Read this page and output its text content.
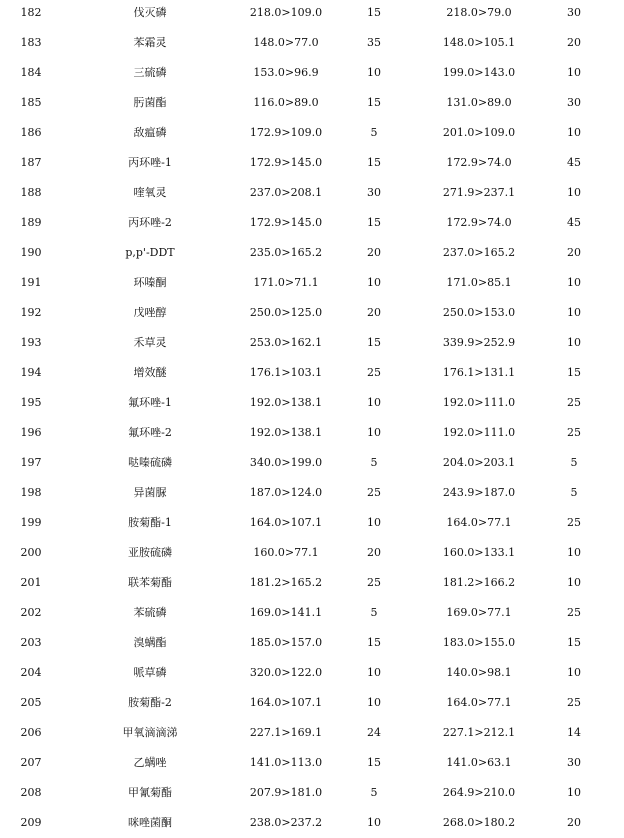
182	伐灭磷	218.0>109.0	15	218.0>79.0	30
183	苯霜灵	148.0>77.0	35	148.0>105.1	20
184	三硫磷	153.0>96.9	10	199.0>143.0	10
185	肟菌酯	116.0>89.0	15	131.0>89.0	30
186	敌瘟磷	172.9>109.0	5	201.0>109.0	10
187	丙环唑-1	172.9>145.0	15	172.9>74.0	45
188	喹氧灵	237.0>208.1	30	271.9>237.1	10
189	丙环唑-2	172.9>145.0	15	172.9>74.0	45
190	p,p'-DDT	235.0>165.2	20	237.0>165.2	20
191	环嗪酮	171.0>71.1	10	171.0>85.1	10
192	戊唑醇	250.0>125.0	20	250.0>153.0	10
193	禾草灵	253.0>162.1	15	339.9>252.9	10
194	增效醚	176.1>103.1	25	176.1>131.1	15
195	氟环唑-1	192.0>138.1	10	192.0>111.0	25
196	氟环唑-2	192.0>138.1	10	192.0>111.0	25
197	哒嗪硫磷	340.0>199.0	5	204.0>203.1	5
198	异菌脲	187.0>124.0	25	243.9>187.0	5
199	胺菊酯-1	164.0>107.1	10	164.0>77.1	25
200	亚胺硫磷	160.0>77.1	20	160.0>133.1	10
201	联苯菊酯	181.2>165.2	25	181.2>166.2	10
202	苯硫磷	169.0>141.1	5	169.0>77.1	25
203	溴螨酯	185.0>157.0	15	183.0>155.0	15
204	哌草磷	320.0>122.0	10	140.0>98.1	10
205	胺菊酯-2	164.0>107.1	10	164.0>77.1	25
206	甲氧滴滴涕	227.1>169.1	24	227.1>212.1	14
207	乙螨唑	141.0>113.0	15	141.0>63.1	30
208	甲氰菊酯	207.9>181.0	5	264.9>210.0	10
209	咪唑菌酮	238.0>237.2	10	268.0>180.2	20
